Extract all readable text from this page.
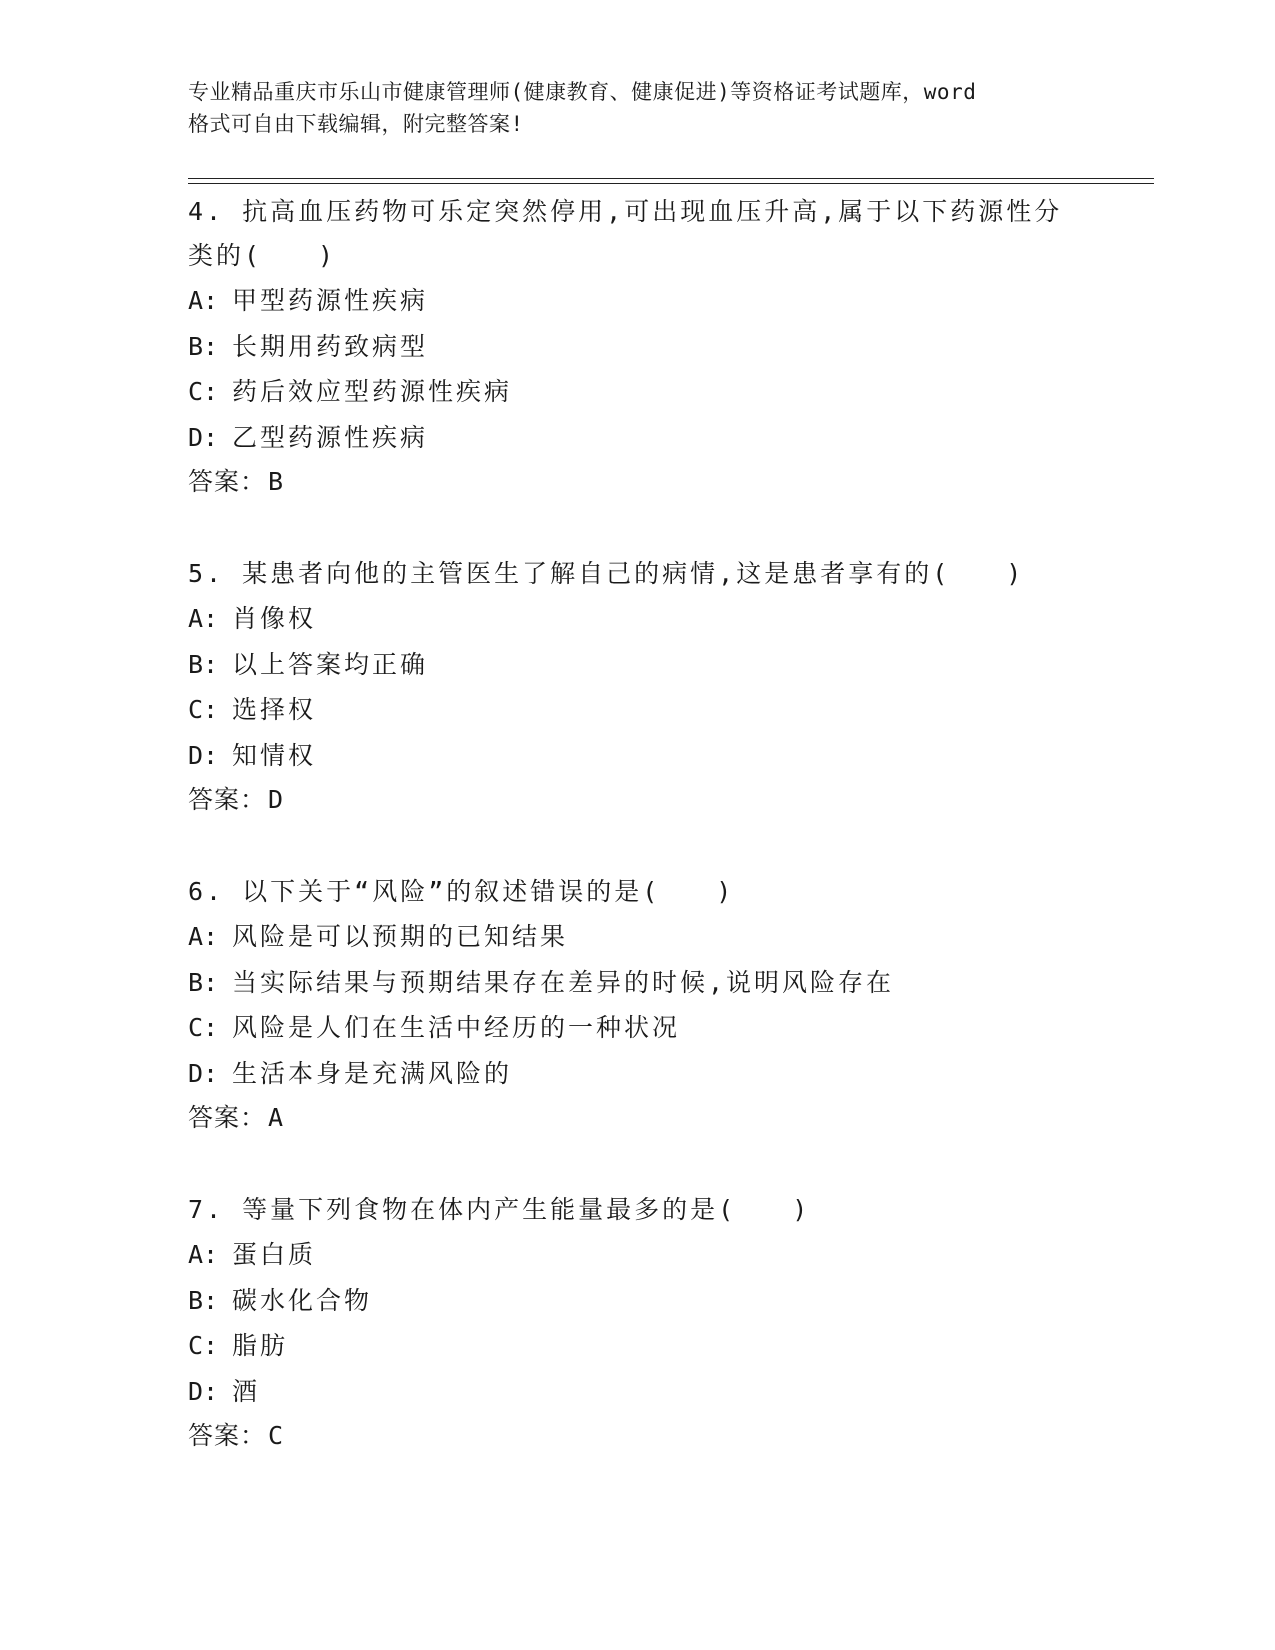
专业精品重庆市乐山市健康管理师(健康教育、健康促进)等资格证考试题库，word
格式可自由下载编辑，附完整答案!

4. 抗高血压药物可乐定突然停用,可出现血压升高,属于以下药源性分

类的(　　)

A: 甲型药源性疾病

B: 长期用药致病型

C: 药后效应型药源性疾病

D: 乙型药源性疾病

答案：B

5. 某患者向他的主管医生了解自己的病情,这是患者享有的(　　)

A: 肖像权

B: 以上答案均正确

C: 选择权

D: 知情权

答案：D

6. 以下关于“风险”的叙述错误的是(　　)

A: 风险是可以预期的已知结果

B: 当实际结果与预期结果存在差异的时候,说明风险存在

C: 风险是人们在生活中经历的一种状况

D: 生活本身是充满风险的

答案：A

7. 等量下列食物在体内产生能量最多的是(　　)

A: 蛋白质

B: 碳水化合物

C: 脂肪

D: 酒

答案：C
